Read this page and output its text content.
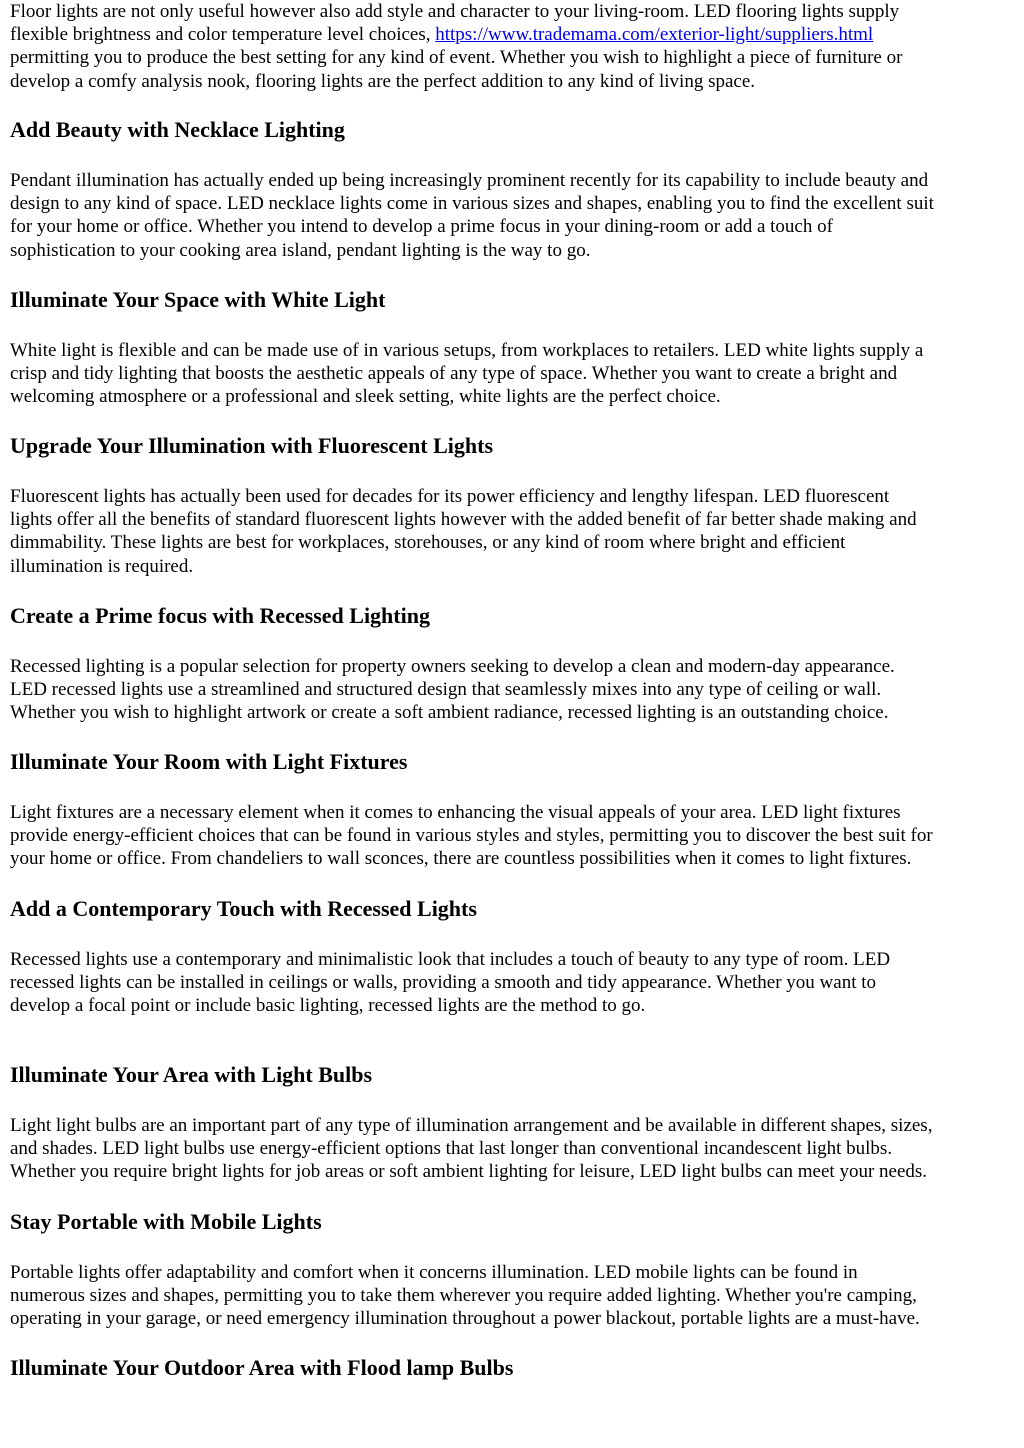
Floor lights are not only useful however also add style and character to your living-room. LED flooring lights supply
flexible brightness and color temperature level choices, https://www.trademama.com/exterior-light/suppliers.html
permitting you to produce the best setting for any kind of event. Whether you wish to highlight a piece of furniture or
develop a comfy analysis nook, flooring lights are the perfect addition to any kind of living space.

Add Beauty with Necklace Lighting

Pendant illumination has actually ended up being increasingly prominent recently for its capability to include beauty and
design to any kind of space. LED necklace lights come in various sizes and shapes, enabling you to find the excellent suit
for your home or office. Whether you intend to develop a prime focus in your dining-room or add a touch of
sophistication to your cooking area island, pendant lighting is the way to go.

Illuminate Your Space with White Light

White light is flexible and can be made use of in various setups, from workplaces to retailers. LED white lights supply a
crisp and tidy lighting that boosts the aesthetic appeals of any type of space. Whether you want to create a bright and
welcoming atmosphere or a professional and sleek setting, white lights are the perfect choice.

Upgrade Your Illumination with Fluorescent Lights

Fluorescent lights has actually been used for decades for its power efficiency and lengthy lifespan. LED fluorescent
lights offer all the benefits of standard fluorescent lights however with the added benefit of far better shade making and
dimmability. These lights are best for workplaces, storehouses, or any kind of room where bright and efficient
illumination is required.

Create a Prime focus with Recessed Lighting

Recessed lighting is a popular selection for property owners seeking to develop a clean and modern-day appearance.
LED recessed lights use a streamlined and structured design that seamlessly mixes into any type of ceiling or wall.
Whether you wish to highlight artwork or create a soft ambient radiance, recessed lighting is an outstanding choice.

Illuminate Your Room with Light Fixtures

Light fixtures are a necessary element when it comes to enhancing the visual appeals of your area. LED light fixtures
provide energy-efficient choices that can be found in various styles and styles, permitting you to discover the best suit for
your home or office. From chandeliers to wall sconces, there are countless possibilities when it comes to light fixtures.

Add a Contemporary Touch with Recessed Lights

Recessed lights use a contemporary and minimalistic look that includes a touch of beauty to any type of room. LED
recessed lights can be installed in ceilings or walls, providing a smooth and tidy appearance. Whether you want to
develop a focal point or include basic lighting, recessed lights are the method to go.

Illuminate Your Area with Light Bulbs

Light light bulbs are an important part of any type of illumination arrangement and be available in different shapes, sizes,
and shades. LED light bulbs use energy-efficient options that last longer than conventional incandescent light bulbs.
Whether you require bright lights for job areas or soft ambient lighting for leisure, LED light bulbs can meet your needs.

Stay Portable with Mobile Lights

Portable lights offer adaptability and comfort when it concerns illumination. LED mobile lights can be found in
numerous sizes and shapes, permitting you to take them wherever you require added lighting. Whether you're camping,
operating in your garage, or need emergency illumination throughout a power blackout, portable lights are a must-have.

Illuminate Your Outdoor Area with Flood lamp Bulbs
